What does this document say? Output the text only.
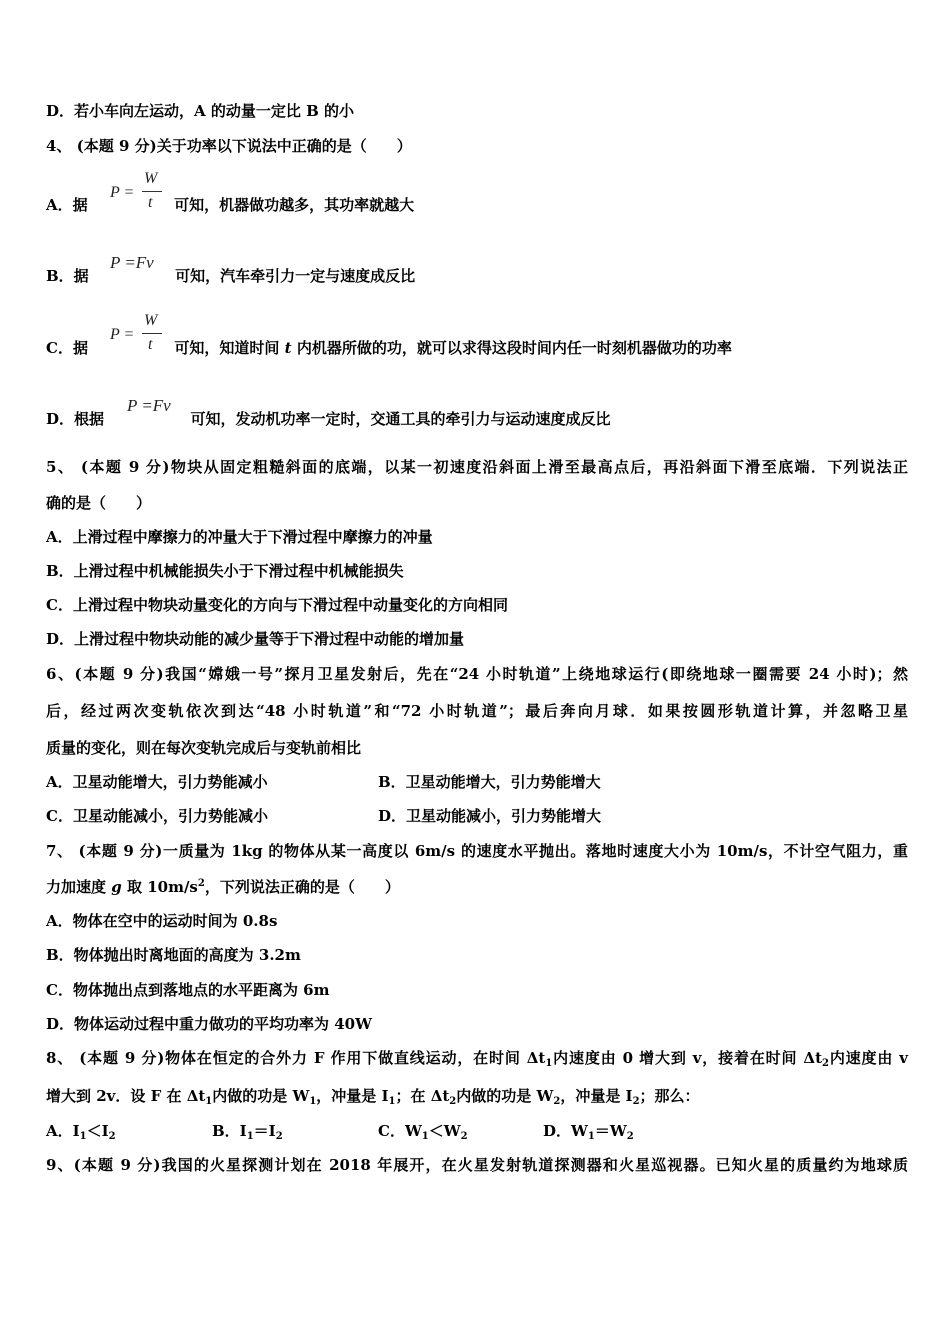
D．若小车向左运动，A 的动量一定比 B 的小
4、 (本题 9 分)关于功率以下说法中正确的是（　　）
A．据	可知，机器做功越多，其功率就越大
P =
W
t
B．据	可知，汽车牵引力一定与速度成反比
P =Fv
C．据	可知，知道时间 t 内机器所做的功，就可以求得这段时间内任一时刻机器做功的功率
P =
W
t
D．根据	可知，发动机功率一定时，交通工具的牵引力与运动速度成反比
P =Fv
5、 (本题 9 分)物块从固定粗糙斜面的底端，以某一初速度沿斜面上滑至最高点后，再沿斜面下滑至底端．下列说法正
确的是（　　）
A．上滑过程中摩擦力的冲量大于下滑过程中摩擦力的冲量
B．上滑过程中机械能损失小于下滑过程中机械能损失
C．上滑过程中物块动量变化的方向与下滑过程中动量变化的方向相同
D．上滑过程中物块动能的减少量等于下滑过程中动能的增加量
6、(本题 9 分)我国“嫦娥一号”探月卫星发射后，先在“24 小时轨道”上绕地球运行(即绕地球一圈需要 24 小时)；然
后，经过两次变轨依次到达“48 小时轨道”和“72 小时轨道”；最后奔向月球．如果按圆形轨道计算，并忽略卫星
质量的变化，则在每次变轨完成后与变轨前相比
A．卫星动能增大，引力势能减小	B．卫星动能增大，引力势能增大
C．卫星动能减小，引力势能减小	D．卫星动能减小，引力势能增大
7、 (本题 9 分)一质量为 1kg 的物体从某一高度以 6m/s 的速度水平抛出。落地时速度大小为 10m/s，不计空气阻力，重
力加速度 g 取 $10m/s^2$，下列说法正确的是（　　）
A．物体在空中的运动时间为 0.8s
B．物体抛出时离地面的高度为 3.2m
C．物体抛出点到落地点的水平距离为 6m
D．物体运动过程中重力做功的平均功率为 40W
8、 (本题 9 分)物体在恒定的合外力 F 作用下做直线运动，在时间 $\Delta t_1$内速度由 0 增大到 v，接着在时间 $\Delta t_2$内速度由 v
增大到 2v．设 F 在 $\Delta t_1$内做的功是 $W_1$，冲量是 $I_1$；在 $\Delta t_2$内做的功是 $W_2$，冲量是 $I_2$；那么：
A．$I_1<I_2$	B．$I_1=I_2$	C．$W_1<W_2$	D．$W_1=W_2$
9、(本题 9 分)我国的火星探测计划在 2018 年展开，在火星发射轨道探测器和火星巡视器。已知火星的质量约为地球质
